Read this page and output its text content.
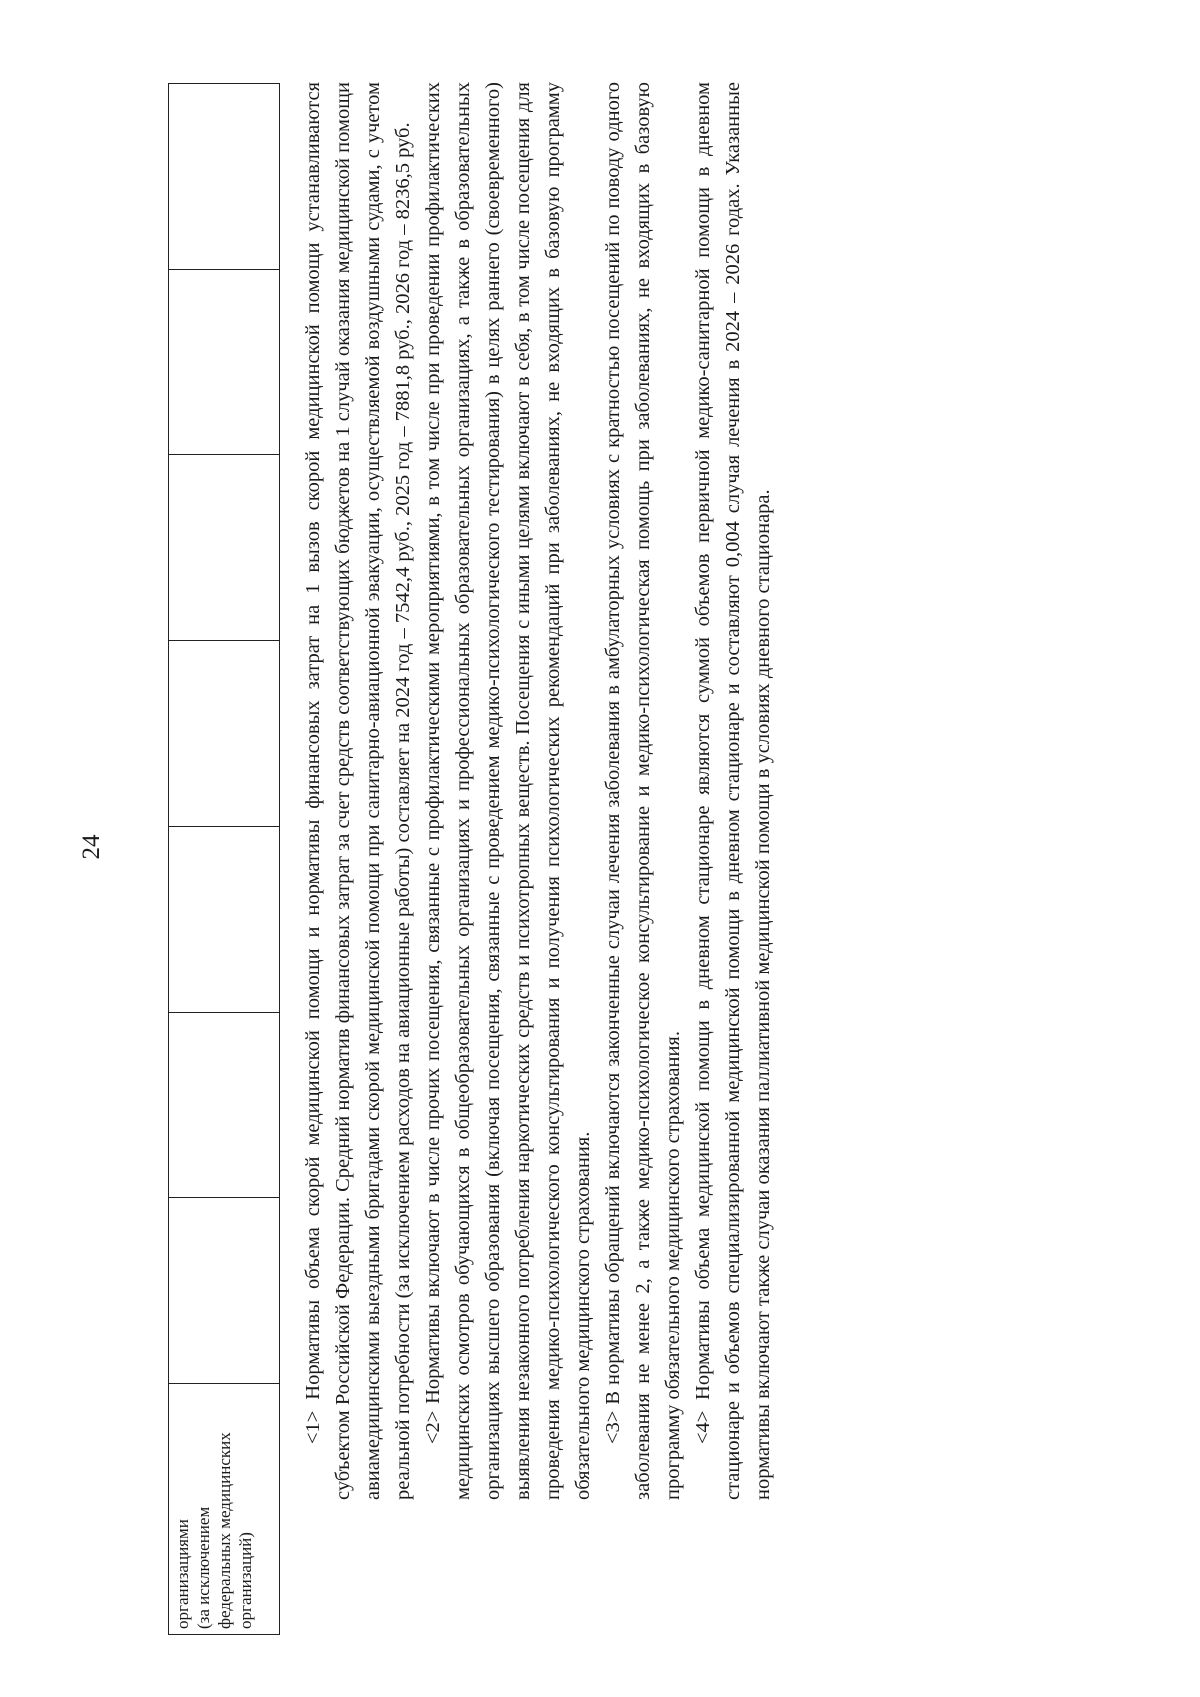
24
организациями (за исключением федеральных медицинских организаций)

<1> Нормативы объема скорой медицинской помощи и нормативы финансовых затрат на 1 вызов скорой медицинской помощи устанавливаются субъектом Российской Федерации. Средний норматив финансовых затрат за счет средств соответствующих бюджетов на 1 случай оказания медицинской помощи авиамедицинскими выездными бригадами скорой медицинской помощи при санитарно-авиационной эвакуации, осуществляемой воздушными судами, с учетом реальной потребности (за исключением расходов на авиационные работы) составляет на 2024 год – 7542,4 руб., 2025 год – 7881,8 руб., 2026 год – 8236,5 руб. <2> Нормативы включают в числе прочих посещения, связанные с профилактическими мероприятиями, в том числе при проведении профилактических медицинских осмотров обучающихся в общеобразовательных организациях и профессиональных образовательных организациях, а также в образовательных организациях высшего образования (включая посещения, связанные с проведением медико-психологического тестирования) в целях раннего (своевременного) выявления незаконного потребления наркотических средств и психотропных веществ. Посещения с иными целями включают в себя, в том числе посещения для проведения медико-психологического консультирования и получения психологических рекомендаций при заболеваниях, не входящих в базовую программу обязательного медицинского страхования. <3> В нормативы обращений включаются законченные случаи лечения заболевания в амбулаторных условиях с кратностью посещений по поводу одного заболевания не менее 2, а также медико-психологическое консультирование и медико-психологическая помощь при заболеваниях, не входящих в базовую программу обязательного медицинского страхования. <4> Нормативы объема медицинской помощи в дневном стационаре являются суммой объемов первичной медико-санитарной помощи в дневном стационаре и объемов специализированной медицинской помощи в дневном стационаре и составляют 0,004 случая лечения в 2024 – 2026 годах. Указанные нормативы включают также случаи оказания паллиативной медицинской помощи в условиях дневного стационара.
